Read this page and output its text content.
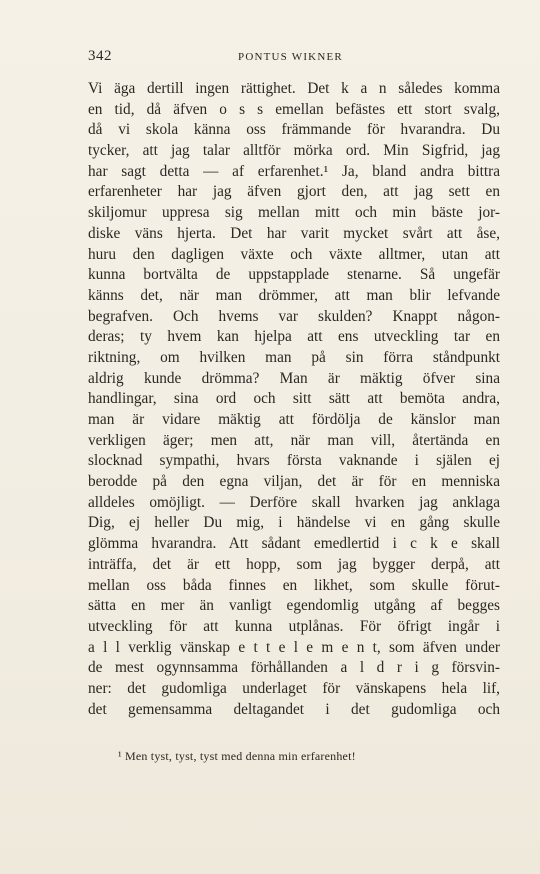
342	PONTUS WIKNER
Vi äga dertill ingen rättighet. Det k a n således komma
en tid, då äfven o s s emellan befästes ett stort svalg,
då vi skola känna oss främmande för hvarandra. Du
tycker, att jag talar alltför mörka ord. Min Sigfrid, jag
har sagt detta — af erfarenhet.¹ Ja, bland andra bittra
erfarenheter har jag äfven gjort den, att jag sett en
skiljomur uppresa sig mellan mitt och min bäste jor-
diske väns hjerta. Det har varit mycket svårt att åse,
huru den dagligen växte och växte alltmer, utan att
kunna bortvälta de uppstapplade stenarne. Så ungefär
känns det, när man drömmer, att man blir lefvande
begrafven. Och hvems var skulden? Knappt någon-
deras; ty hvem kan hjelpa att ens utveckling tar en
riktning, om hvilken man på sin förra ståndpunkt
aldrig kunde drömma? Man är mäktig öfver sina
handlingar, sina ord och sitt sätt att bemöta andra,
man är vidare mäktig att fördölja de känslor man
verkligen äger; men att, när man vill, återtända en
slocknad sympathi, hvars första vaknande i själen ej
berodde på den egna viljan, det är för en menniska
alldeles omöjligt. — Derföre skall hvarken jag anklaga
Dig, ej heller Du mig, i händelse vi en gång skulle
glömma hvarandra. Att sådant emedlertid i c k e skall
inträffa, det är ett hopp, som jag bygger derpå, att
mellan oss båda finnes en likhet, som skulle förut-
sätta en mer än vanligt egendomlig utgång af begges
utveckling för att kunna utplånas. För öfrigt ingår i
a l l verklig vänskap e t t e l e m e n t, som äfven under
de mest ogynnsamma förhållanden a l d r i g försvin-
ner: det gudomliga underlaget för vänskapens hela lif,
det gemensamma deltagandet i det gudomliga och
¹ Men tyst, tyst, tyst med denna min erfarenhet!
